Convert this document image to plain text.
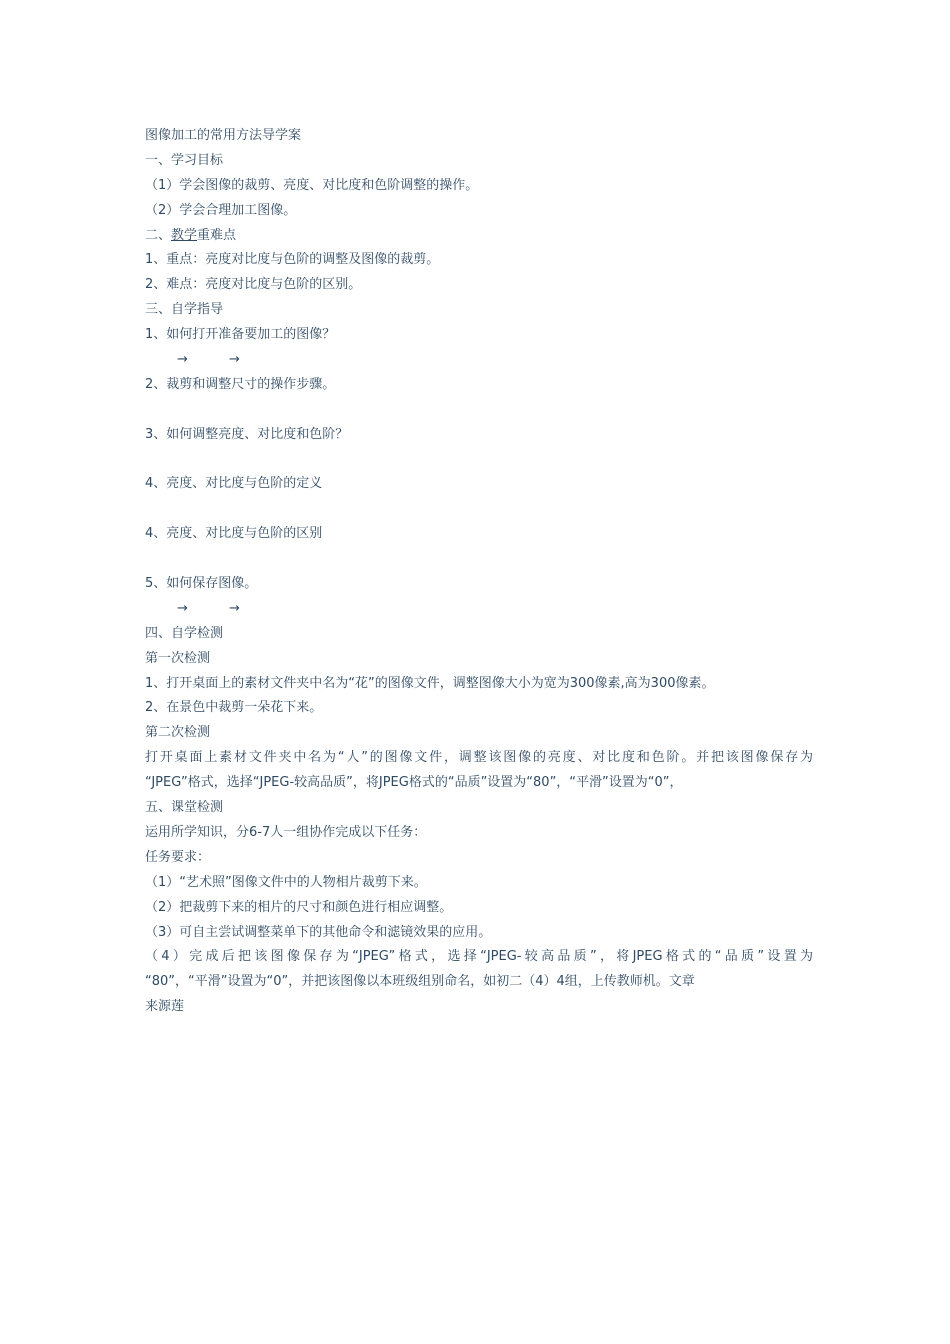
图像加工的常用方法导学案
一、学习目标
（1）学会图像的裁剪、亮度、对比度和色阶调整的操作。
（2）学会合理加工图像。
二、教学重难点
1、重点：亮度对比度与色阶的调整及图像的裁剪。
2、难点：亮度对比度与色阶的区别。
三、自学指导
1、如何打开准备要加工的图像？
→	→
2、裁剪和调整尺寸的操作步骤。
3、如何调整亮度、对比度和色阶？
4、亮度、对比度与色阶的定义
4、亮度、对比度与色阶的区别
5、如何保存图像。
→	→
四、自学检测
第一次检测
1、打开桌面上的素材文件夹中名为“花”的图像文件，调整图像大小为宽为300像素,高为300像素。
2、在景色中裁剪一朵花下来。
第二次检测
打开桌面上素材文件夹中名为“人”的图像文件，调整该图像的亮度、对比度和色阶。并把该图像保存为
“JPEG”格式，选择“JPEG-较高品质”，将JPEG格式的“品质”设置为“80”，“平滑”设置为“0”，
五、课堂检测
运用所学知识，分6-7人一组协作完成以下任务：
任务要求：
（1）“艺术照”图像文件中的人物相片裁剪下来。
（2）把裁剪下来的相片的尺寸和颜色进行相应调整。
（3）可自主尝试调整菜单下的其他命令和滤镜效果的应用。
（4）完成后把该图像保存为“JPEG”格式，选择“JPEG-较高品质”，将JPEG格式的“品质”设置为
“80”，“平滑”设置为“0”，并把该图像以本班级组别命名，如初二（4）4组，上传教师机。文章
来源莲
